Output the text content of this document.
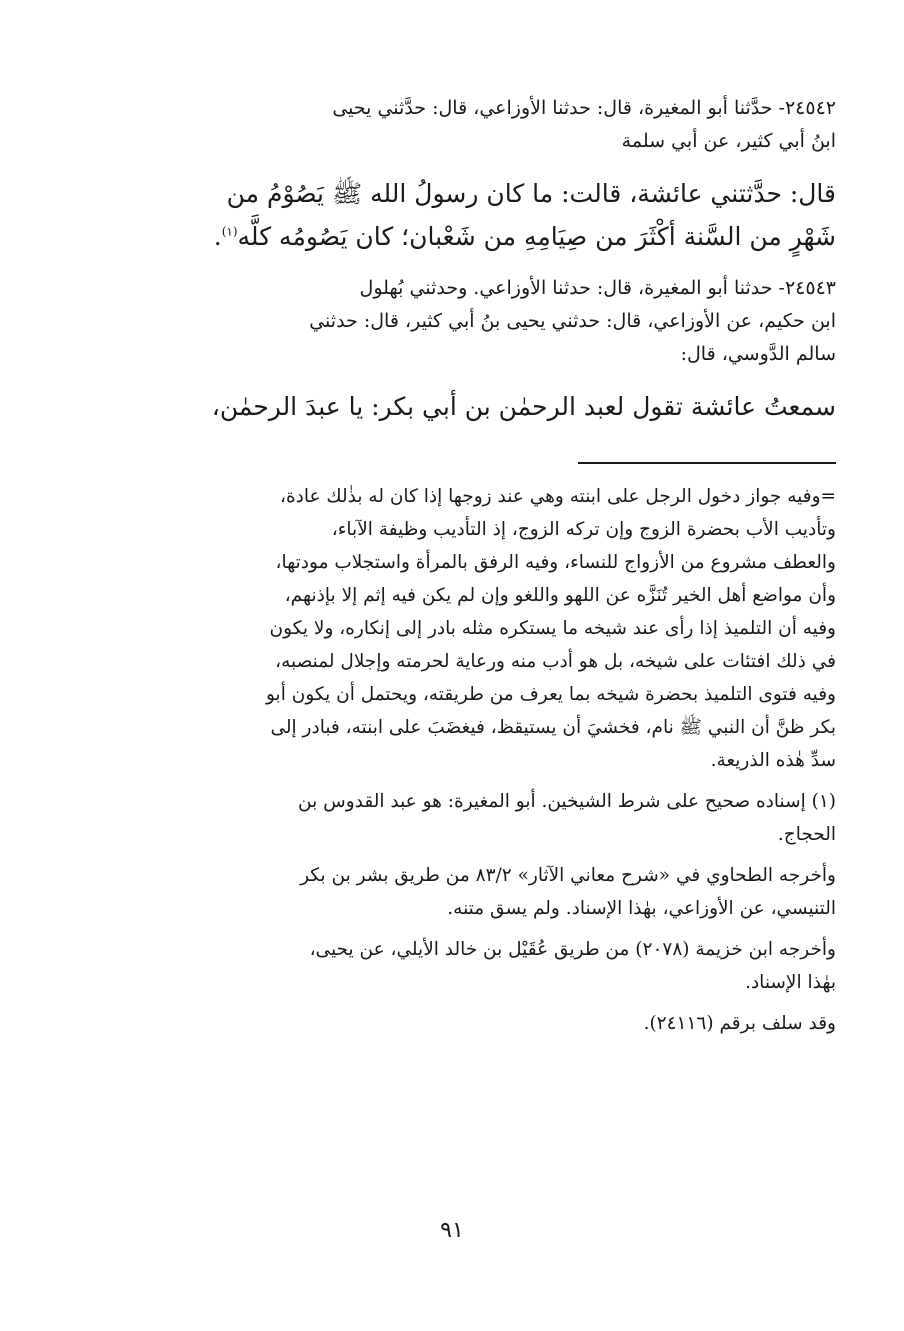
٢٤٥٤٢- حدَّثنا أبو المغيرة، قال: حدثنا الأوزاعي، قال: حدَّثني يحيى
ابنُ أبي كثير، عن أبي سلمة
قال: حدَّثتني عائشة، قالت: ما كان رسولُ الله ﷺ يَصُوْمُ من
شَهْرٍ من السَّنة أكْثَرَ من صِيَامِهِ من شَعْبان؛ كان يَصُومُه كلَّه$^{(١)}$.
٢٤٥٤٣- حدثنا أبو المغيرة، قال: حدثنا الأوزاعي. وحدثني بُهلول
ابن حكيم، عن الأوزاعي، قال: حدثني يحيى بنُ أبي كثير، قال: حدثني
سالم الدَّوسي، قال:
سمعتُ عائشة تقول لعبد الرحمٰن بن أبي بكر: يا عبدَ الرحمٰن،
=وفيه جواز دخول الرجل على ابنته وهي عند زوجها إذا كان له بذٰلك عادة،
وتأديب الأب بحضرة الزوج وإن تركه الزوج، إذ التأديب وظيفة الآباء،
والعطف مشروع من الأزواج للنساء، وفيه الرفق بالمرأة واستجلاب مودتها،
وأن مواضع أهل الخير تُنَزَّه عن اللهو واللغو وإن لم يكن فيه إثم إلا بإذنهم،
وفيه أن التلميذ إذا رأى عند شيخه ما يستكره مثله بادر إلى إنكاره، ولا يكون
في ذلك افتئات على شيخه، بل هو أدب منه ورعاية لحرمته وإجلال لمنصبه،
وفيه فتوى التلميذ بحضرة شيخه بما يعرف من طريقته، ويحتمل أن يكون أبو
بكر ظنَّ أن النبي ﷺ نام، فخشيَ أن يستيقظ، فيغضَبَ على ابنته، فبادر إلى
سدِّ هٰذه الذريعة.
(١) إسناده صحيح على شرط الشيخين. أبو المغيرة: هو عبد القدوس بن
الحجاج.
وأخرجه الطحاوي في «شرح معاني الآثار» ٨٣/٢ من طريق بشر بن بكر
التنيسي، عن الأوزاعي، بهٰذا الإسناد. ولم يسق متنه.
وأخرجه ابن خزيمة (٢٠٧٨) من طريق عُقَيْل بن خالد الأيلي، عن يحيى،
بهٰذا الإسناد.
وقد سلف برقم (٢٤١١٦).
٩١
